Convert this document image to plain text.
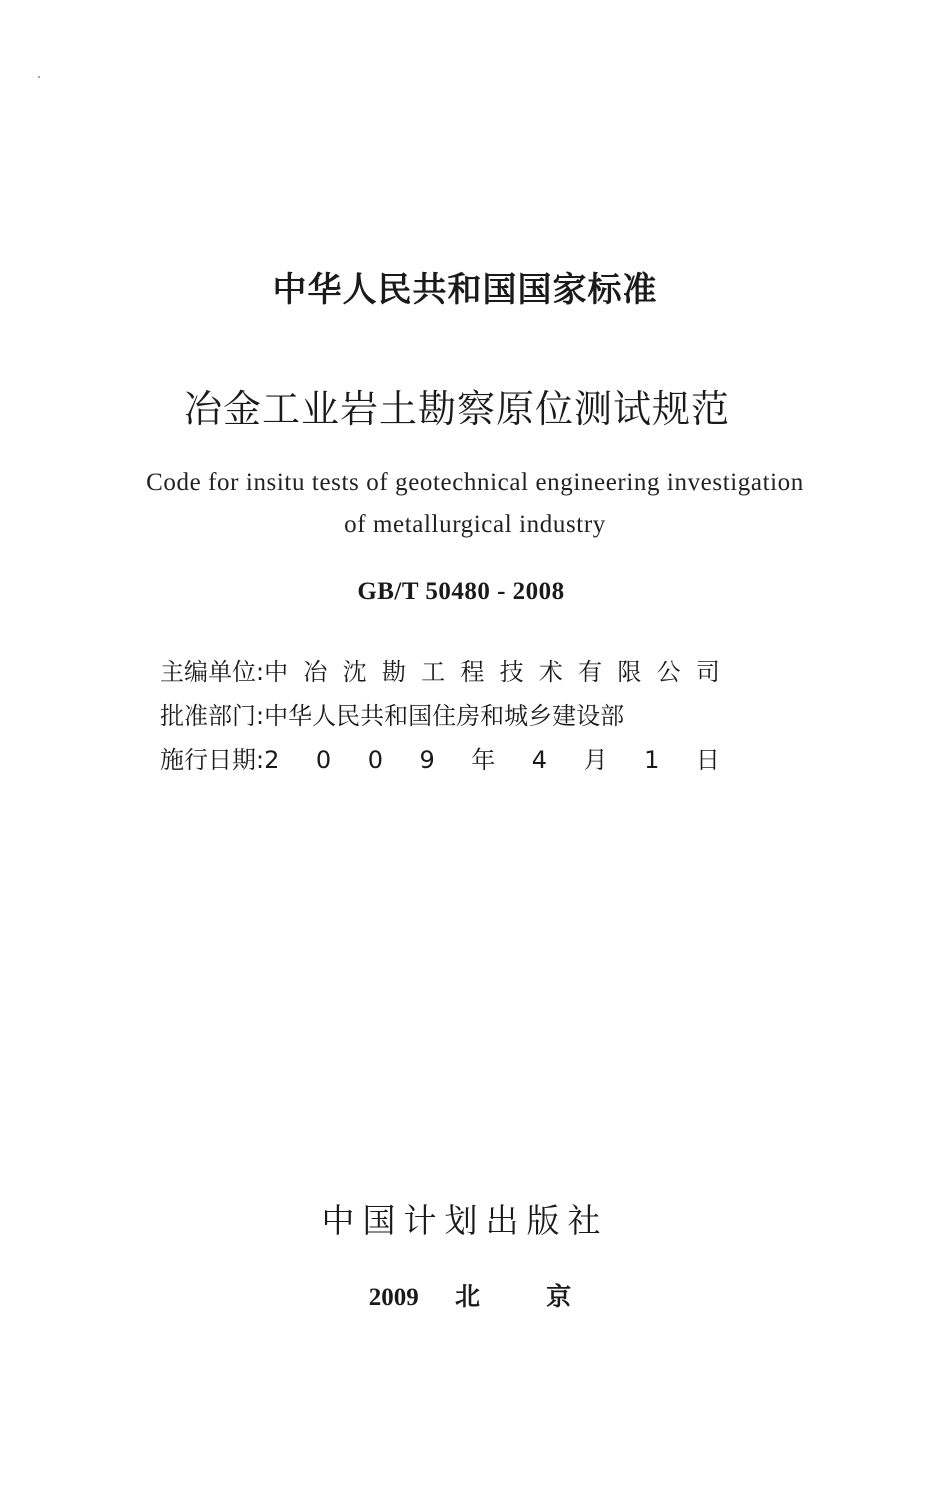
中华人民共和国国家标准
冶金工业岩土勘察原位测试规范
Code for insitu tests of geotechnical engineering investigation
of metallurgical industry
GB/T 50480 - 2008
主编单位: 中 冶 沈 勘 工 程 技 术 有 限 公 司
批准部门: 中华人民共和国住房和城乡建设部
施行日期: 2 0 0 9 年 4 月 1 日
中国计划出版社
2009 北	京
